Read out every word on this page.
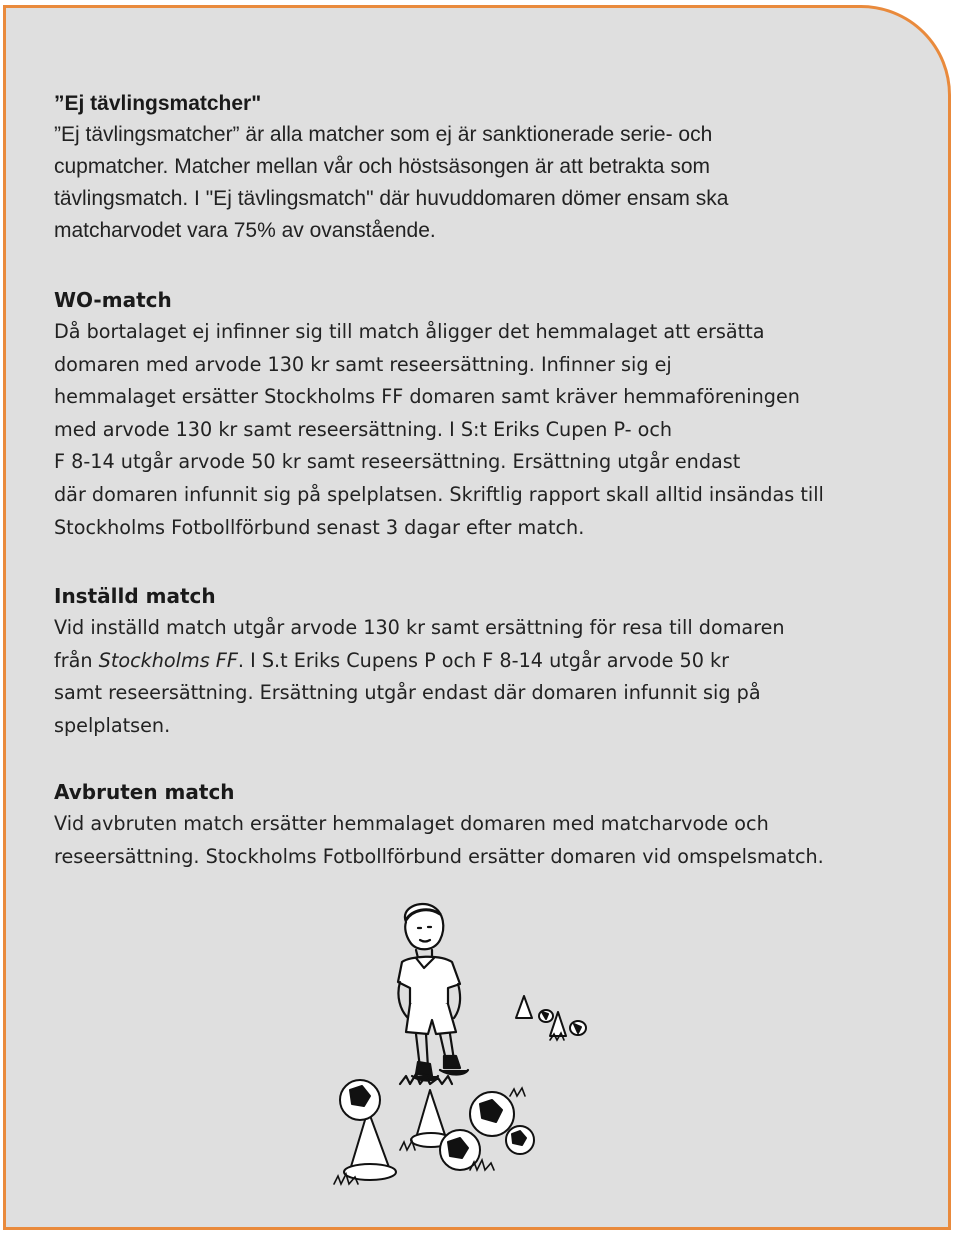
”Ej tävlingsmatcher"

”Ej tävlingsmatcher” är alla matcher som ej är sanktionerade serie- och

cupmatcher. Matcher mellan vår och höstsäsongen är att betrakta som

tävlingsmatch. I "Ej tävlingsmatch" där huvuddomaren dömer ensam ska

matcharvodet vara 75% av ovanstående.

WO-match

Då bortalaget ej infinner sig till match åligger det hemmalaget att ersätta

domaren med arvode 130 kr samt reseersättning. Infinner sig ej

hemmalaget ersätter Stockholms FF domaren samt kräver hemmaföreningen

med arvode 130 kr samt reseersättning. I S:t Eriks Cupen P- och

F 8-14 utgår arvode 50 kr samt reseersättning. Ersättning utgår endast

där domaren infunnit sig på spelplatsen. Skriftlig rapport skall alltid insändas till

Stockholms Fotbollförbund senast 3 dagar efter match.

Inställd match

Vid inställd match utgår arvode 130 kr samt ersättning för resa till domaren

från Stockholms FF. I S.t Eriks Cupens P och F 8-14 utgår arvode 50 kr

samt reseersättning. Ersättning utgår endast där domaren infunnit sig på

spelplatsen.

Avbruten match

Vid avbruten match ersätter hemmalaget domaren med matcharvode och

reseersättning. Stockholms Fotbollförbund ersätter domaren vid omspelsmatch.
